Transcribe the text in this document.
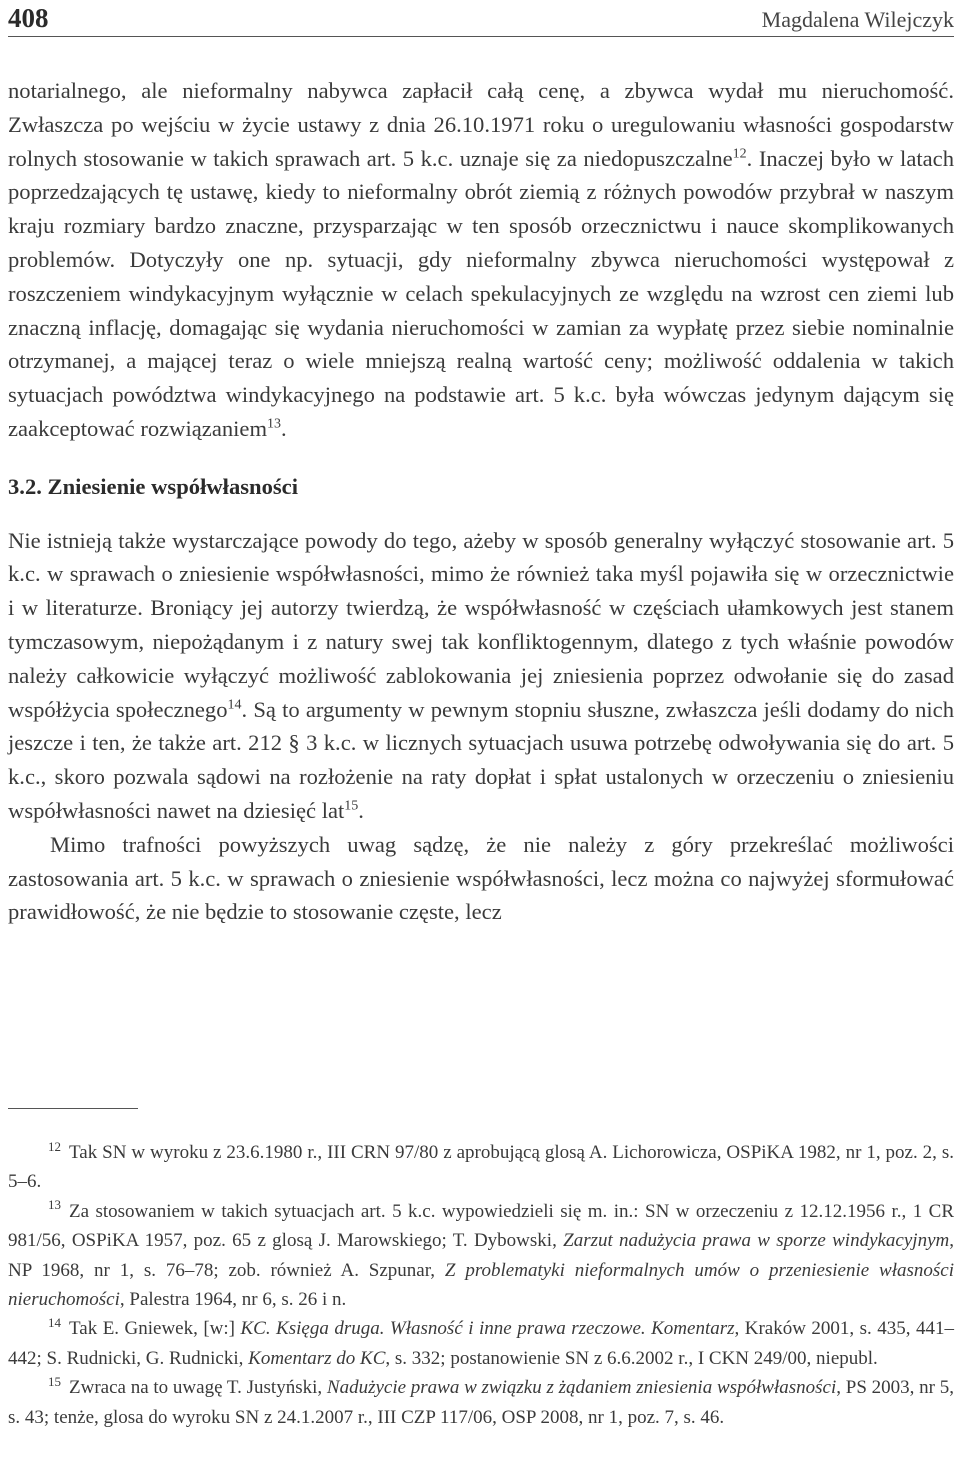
408	Magdalena Wilejczyk

notarialnego, ale nieformalny nabywca zapłacił całą cenę, a zbywca wydał mu nieruchomość. Zwłaszcza po wejściu w życie ustawy z dnia 26.10.1971 roku o uregulowaniu własności gospodarstw rolnych stosowanie w takich sprawach art. 5 k.c. uznaje się za niedopuszczalne$^{12}$. Inaczej było w latach poprzedzających tę ustawę, kiedy to nieformalny obrót ziemią z różnych powodów przybrał w naszym kraju rozmiary bardzo znaczne, przysparzając w ten sposób orzecznictwu i nauce skomplikowanych problemów. Dotyczyły one np. sytuacji, gdy nieformalny zbywca nieruchomości występował z roszczeniem windykacyjnym wyłącznie w celach spekulacyjnych ze względu na wzrost cen ziemi lub znaczną inflację, domagając się wydania nieruchomości w zamian za wypłatę przez siebie nominalnie otrzymanej, a mającej teraz o wiele mniejszą realną wartość ceny; możliwość oddalenia w takich sytuacjach powództwa windykacyjnego na podstawie art. 5 k.c. była wówczas jedynym dającym się zaakceptować rozwiązaniem$^{13}$.

3.2. Zniesienie współwłasności

Nie istnieją także wystarczające powody do tego, ażeby w sposób generalny wyłączyć stosowanie art. 5 k.c. w sprawach o zniesienie współwłasności, mimo że również taka myśl pojawiła się w orzecznictwie i w literaturze. Broniący jej autorzy twierdzą, że współwłasność w częściach ułamkowych jest stanem tymczasowym, niepożądanym i z natury swej tak konfliktogennym, dlatego z tych właśnie powodów należy całkowicie wyłączyć możliwość zablokowania jej zniesienia poprzez odwołanie się do zasad współżycia społecznego$^{14}$. Są to argumenty w pewnym stopniu słuszne, zwłaszcza jeśli dodamy do nich jeszcze i ten, że także art. 212 § 3 k.c. w licznych sytuacjach usuwa potrzebę odwoływania się do art. 5 k.c., skoro pozwala sądowi na rozłożenie na raty dopłat i spłat ustalonych w orzeczeniu o zniesieniu współwłasności nawet na dziesięć lat$^{15}$.

Mimo trafności powyższych uwag sądzę, że nie należy z góry przekreślać możliwości zastosowania art. 5 k.c. w sprawach o zniesienie współwłasności, lecz można co najwyżej sformułować prawidłowość, że nie będzie to stosowanie częste, lecz

$^{12}$ Tak SN w wyroku z 23.6.1980 r., III CRN 97/80 z aprobującą glosą A. Lichorowicza, OSPiKA 1982, nr 1, poz. 2, s. 5–6.

$^{13}$ Za stosowaniem w takich sytuacjach art. 5 k.c. wypowiedzieli się m. in.: SN w orzeczeniu z 12.12.1956 r., 1 CR 981/56, OSPiKA 1957, poz. 65 z glosą J. Marowskiego; T. Dybowski, Zarzut nadużycia prawa w sporze windykacyjnym, NP 1968, nr 1, s. 76–78; zob. również A. Szpunar, Z problematyki nieformalnych umów o przeniesienie własności nieruchomości, Palestra 1964, nr 6, s. 26 i n.

$^{14}$ Tak E. Gniewek, [w:] KC. Księga druga. Własność i inne prawa rzeczowe. Komentarz, Kraków 2001, s. 435, 441–442; S. Rudnicki, G. Rudnicki, Komentarz do KC, s. 332; postanowienie SN z 6.6.2002 r., I CKN 249/00, niepubl.

$^{15}$ Zwraca na to uwagę T. Justyński, Nadużycie prawa w związku z żądaniem zniesienia współwłasności, PS 2003, nr 5, s. 43; tenże, glosa do wyroku SN z 24.1.2007 r., III CZP 117/06, OSP 2008, nr 1, poz. 7, s. 46.
